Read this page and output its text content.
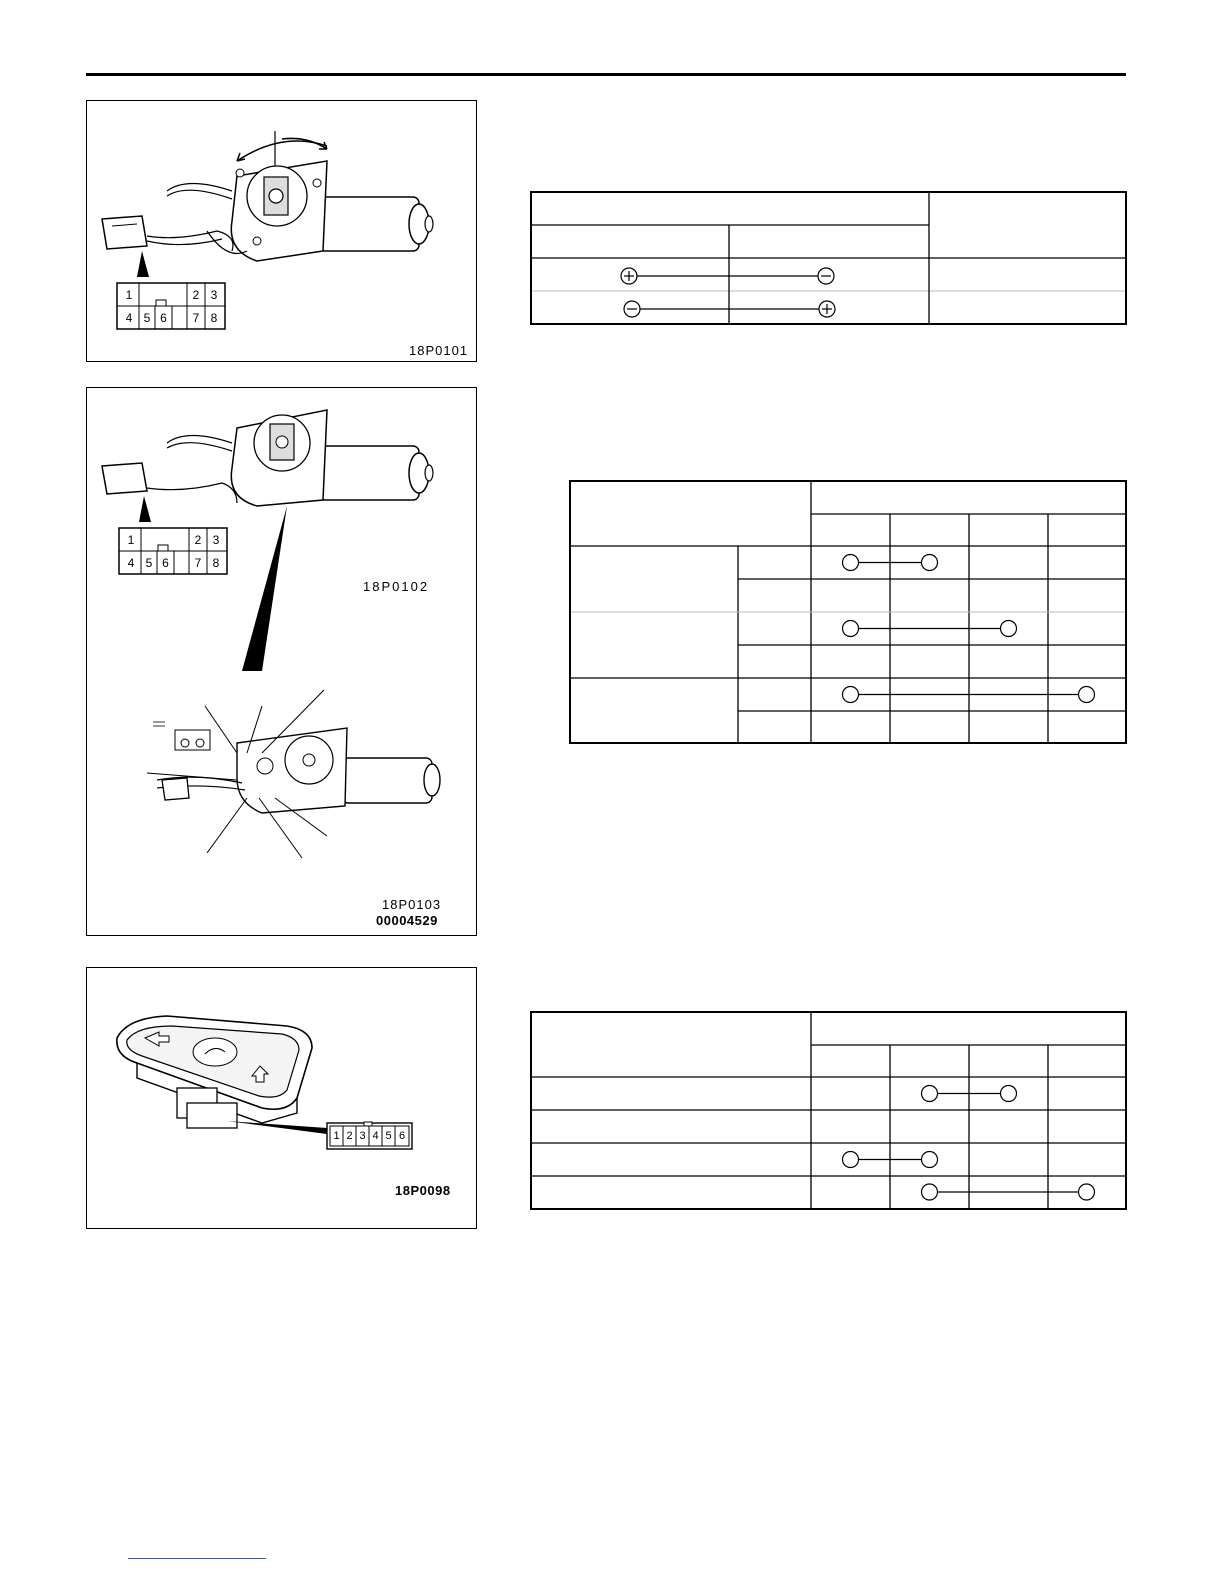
1	2 3
4 5 6	7 8
18P0101
1	2 3
4 5 6	7 8
18P0102
18P0103
00004529
1 2 3 4 5 6
18P0098
